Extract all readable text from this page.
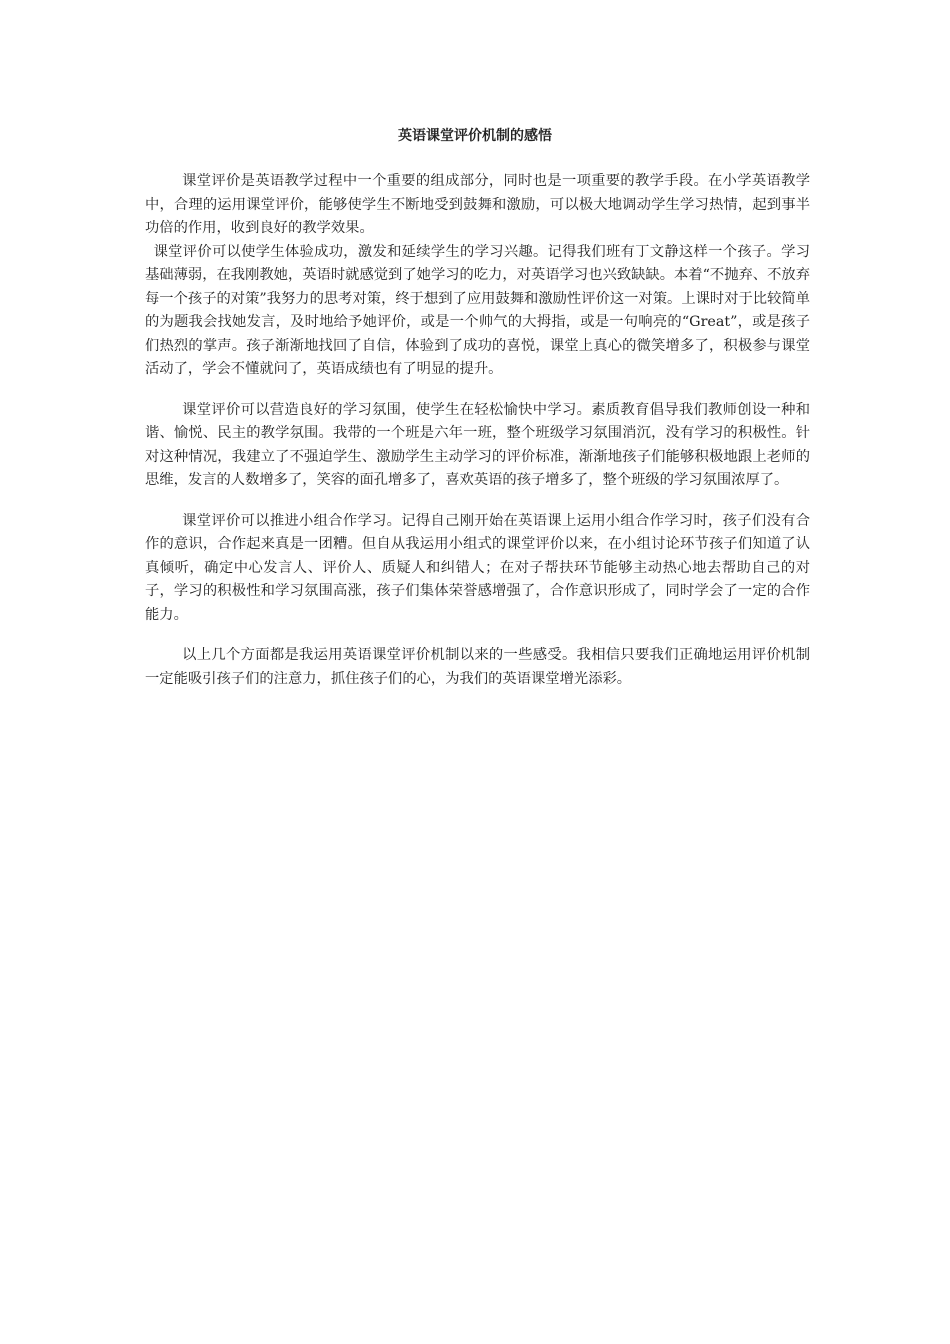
英语课堂评价机制的感悟

课堂评价是英语教学过程中一个重要的组成部分，同时也是一项重要的教学手段。在小学英语教学中，合理的运用课堂评价，能够使学生不断地受到鼓舞和激励，可以极大地调动学生学习热情，起到事半功倍的作用，收到良好的教学效果。

课堂评价可以使学生体验成功，激发和延续学生的学习兴趣。记得我们班有丁文静这样一个孩子。学习基础薄弱，在我刚教她，英语时就感觉到了她学习的吃力，对英语学习也兴致缺缺。本着“不抛弃、不放弃每一个孩子的对策”我努力的思考对策，终于想到了应用鼓舞和激励性评价这一对策。上课时对于比较简单的为题我会找她发言，及时地给予她评价，或是一个帅气的大拇指，或是一句响亮的“Great”，或是孩子们热烈的掌声。孩子渐渐地找回了自信，体验到了成功的喜悦，课堂上真心的微笑增多了，积极参与课堂活动了，学会不懂就问了，英语成绩也有了明显的提升。

课堂评价可以营造良好的学习氛围，使学生在轻松愉快中学习。素质教育倡导我们教师创设一种和谐、愉悦、民主的教学氛围。我带的一个班是六年一班，整个班级学习氛围消沉，没有学习的积极性。针对这种情况，我建立了不强迫学生、激励学生主动学习的评价标准，渐渐地孩子们能够积极地跟上老师的思维，发言的人数增多了，笑容的面孔增多了，喜欢英语的孩子增多了，整个班级的学习氛围浓厚了。

课堂评价可以推进小组合作学习。记得自己刚开始在英语课上运用小组合作学习时，孩子们没有合作的意识，合作起来真是一团糟。但自从我运用小组式的课堂评价以来，在小组讨论环节孩子们知道了认真倾听，确定中心发言人、评价人、质疑人和纠错人；在对子帮扶环节能够主动热心地去帮助自己的对子，学习的积极性和学习氛围高涨，孩子们集体荣誉感增强了，合作意识形成了，同时学会了一定的合作能力。

以上几个方面都是我运用英语课堂评价机制以来的一些感受。我相信只要我们正确地运用评价机制一定能吸引孩子们的注意力，抓住孩子们的心，为我们的英语课堂增光添彩。
